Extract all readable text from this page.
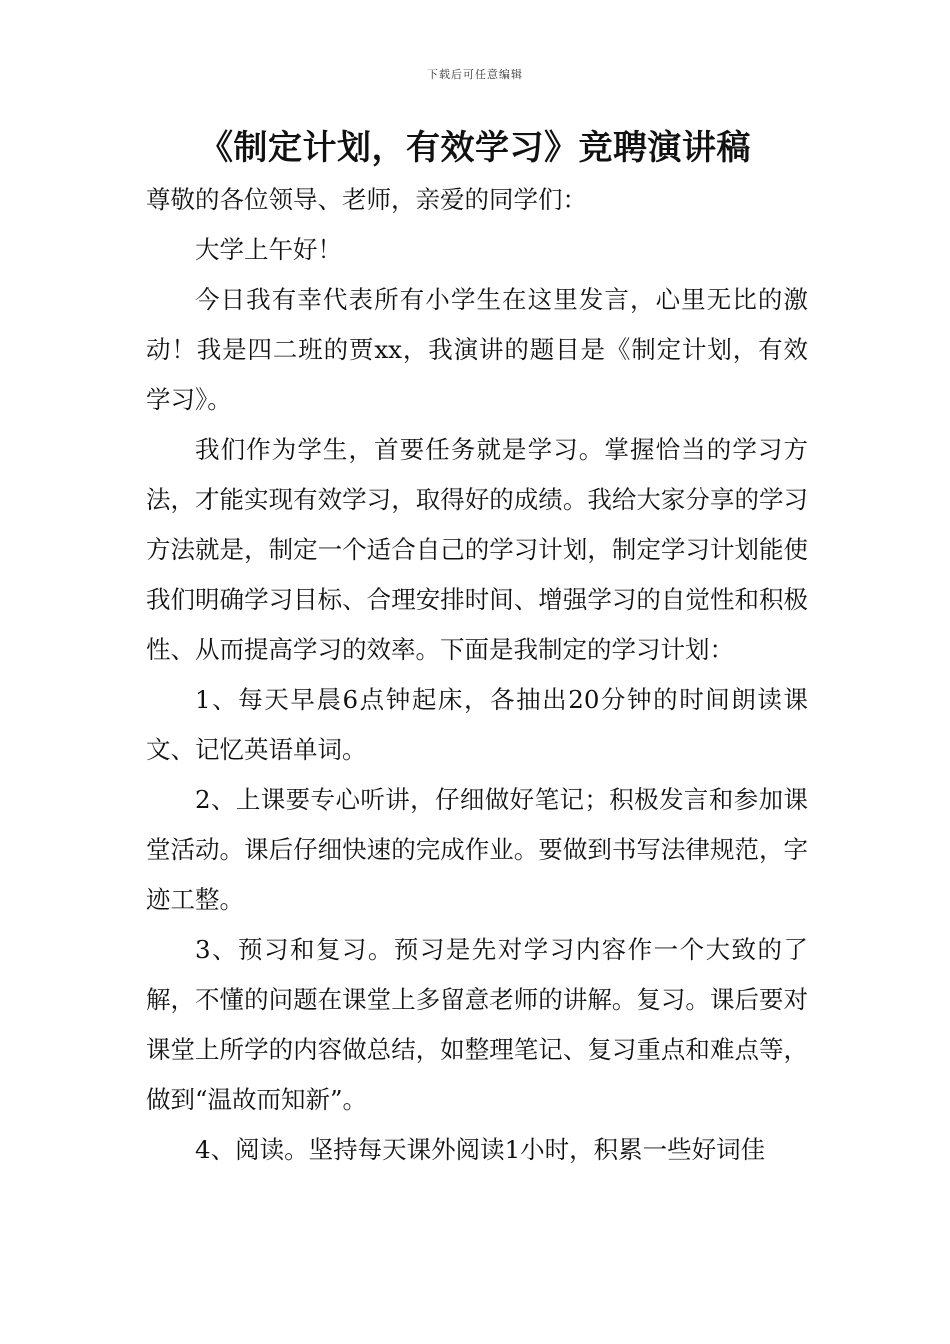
下载后可任意编辑
《制定计划，有效学习》竞聘演讲稿

尊敬的各位领导、老师，亲爱的同学们：

大学上午好！

今日我有幸代表所有小学生在这里发言，心里无比的激动！我是四二班的贾xx，我演讲的题目是《制定计划，有效学习》。

我们作为学生，首要任务就是学习。掌握恰当的学习方法，才能实现有效学习，取得好的成绩。我给大家分享的学习方法就是，制定一个适合自己的学习计划，制定学习计划能使我们明确学习目标、合理安排时间、增强学习的自觉性和积极性、从而提高学习的效率。下面是我制定的学习计划：

1、每天早晨6点钟起床，各抽出20分钟的时间朗读课文、记忆英语单词。

2、上课要专心听讲，仔细做好笔记；积极发言和参加课堂活动。课后仔细快速的完成作业。要做到书写法律规范，字迹工整。

3、预习和复习。预习是先对学习内容作一个大致的了解，不懂的问题在课堂上多留意老师的讲解。复习。课后要对课堂上所学的内容做总结，如整理笔记、复习重点和难点等，做到“温故而知新”。

4、阅读。坚持每天课外阅读1小时，积累一些好词佳
